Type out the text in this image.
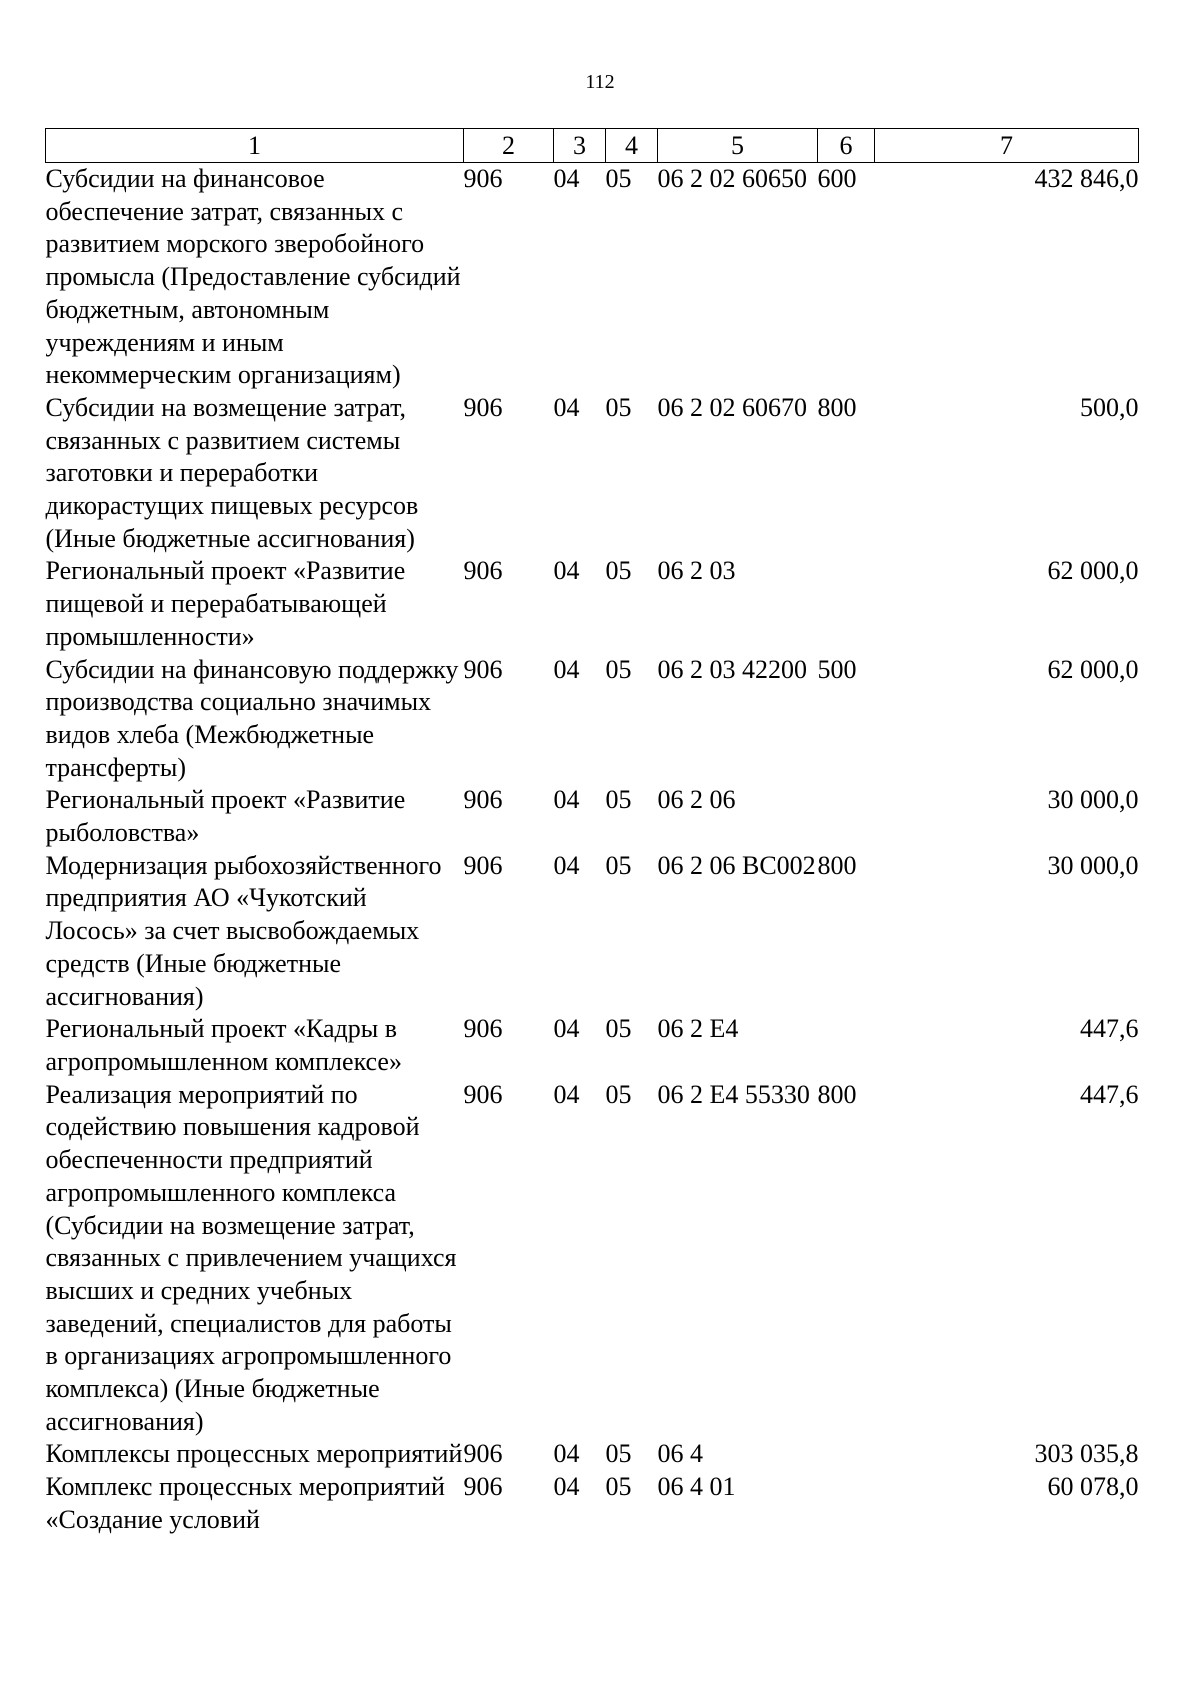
112
1	2	3	4	5	6	7
Субсидии на финансовое обеспечение затрат, связанных с развитием морского зверобойного промысла (Предоставление субсидий бюджетным, автономным учреждениям и иным некоммерческим организациям)	906	04	05	06 2 02 60650	600	432 846,0
Субсидии на возмещение затрат, связанных с развитием системы заготовки и переработки дикорастущих пищевых ресурсов (Иные бюджетные ассигнования)	906	04	05	06 2 02 60670	800	500,0
Региональный проект «Развитие пищевой и перерабатывающей промышленности»	906	04	05	06 2 03		62 000,0
Субсидии на финансовую поддержку производства социально значимых видов хлеба (Межбюджетные трансферты)	906	04	05	06 2 03 42200	500	62 000,0
Региональный проект «Развитие рыболовства»	906	04	05	06 2 06		30 000,0
Модернизация рыбохозяйственного предприятия АО «Чукотский Лосось» за счет высвобождаемых средств (Иные бюджетные ассигнования)	906	04	05	06 2 06 ВС002	800	30 000,0
Региональный проект «Кадры в агропромышленном комплексе»	906	04	05	06 2 Е4		447,6
Реализация мероприятий по содействию повышения кадровой обеспеченности предприятий агропромышленного комплекса (Субсидии на возмещение затрат, связанных с привлечением учащихся высших и средних учебных заведений, специалистов для работы в организациях агропромышленного комплекса) (Иные бюджетные ассигнования)	906	04	05	06 2 Е4 55330	800	447,6
Комплексы процессных мероприятий	906	04	05	06 4		303 035,8
Комплекс процессных мероприятий «Создание условий	906	04	05	06 4 01		60 078,0
